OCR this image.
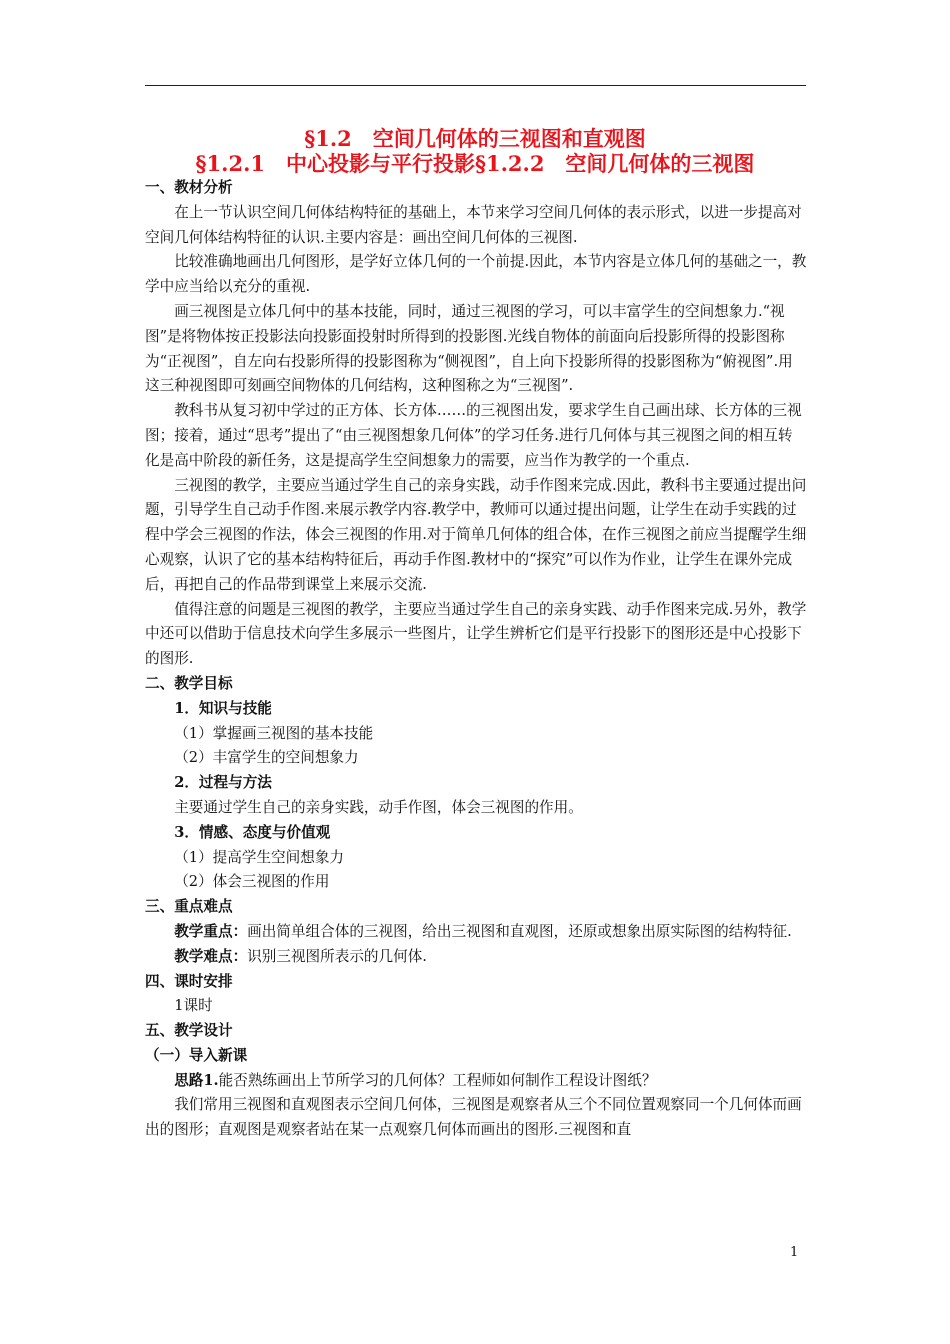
§1.2　空间几何体的三视图和直观图
§1.2.1　中心投影与平行投影§1.2.2　空间几何体的三视图

一、教材分析

在上一节认识空间几何体结构特征的基础上，本节来学习空间几何体的表示形式，以进一步提高对空间几何体结构特征的认识.主要内容是：画出空间几何体的三视图.

比较准确地画出几何图形，是学好立体几何的一个前提.因此，本节内容是立体几何的基础之一，教学中应当给以充分的重视.

画三视图是立体几何中的基本技能，同时，通过三视图的学习，可以丰富学生的空间想象力.“视图”是将物体按正投影法向投影面投射时所得到的投影图.光线自物体的前面向后投影所得的投影图称为“正视图”，自左向右投影所得的投影图称为“侧视图”，自上向下投影所得的投影图称为“俯视图”.用这三种视图即可刻画空间物体的几何结构，这种图称之为“三视图”.

教科书从复习初中学过的正方体、长方体……的三视图出发，要求学生自己画出球、长方体的三视图；接着，通过“思考”提出了“由三视图想象几何体”的学习任务.进行几何体与其三视图之间的相互转化是高中阶段的新任务，这是提高学生空间想象力的需要，应当作为教学的一个重点.

三视图的教学，主要应当通过学生自己的亲身实践，动手作图来完成.因此，教科书主要通过提出问题，引导学生自己动手作图.来展示教学内容.教学中，教师可以通过提出问题，让学生在动手实践的过程中学会三视图的作法，体会三视图的作用.对于简单几何体的组合体，在作三视图之前应当提醒学生细心观察，认识了它的基本结构特征后，再动手作图.教材中的“探究”可以作为作业，让学生在课外完成后，再把自己的作品带到课堂上来展示交流.

值得注意的问题是三视图的教学，主要应当通过学生自己的亲身实践、动手作图来完成.另外，教学中还可以借助于信息技术向学生多展示一些图片，让学生辨析它们是平行投影下的图形还是中心投影下的图形.

二、教学目标

1．知识与技能

（1）掌握画三视图的基本技能

（2）丰富学生的空间想象力

2．过程与方法

主要通过学生自己的亲身实践，动手作图，体会三视图的作用。

3．情感、态度与价值观

（1）提高学生空间想象力

（2）体会三视图的作用

三、重点难点

教学重点：画出简单组合体的三视图，给出三视图和直观图，还原或想象出原实际图的结构特征.

教学难点：识别三视图所表示的几何体.

四、课时安排

1课时

五、教学设计

（一）导入新课

思路1.能否熟练画出上节所学习的几何体？工程师如何制作工程设计图纸？

我们常用三视图和直观图表示空间几何体，三视图是观察者从三个不同位置观察同一个几何体而画出的图形；直观图是观察者站在某一点观察几何体而画出的图形.三视图和直

1
